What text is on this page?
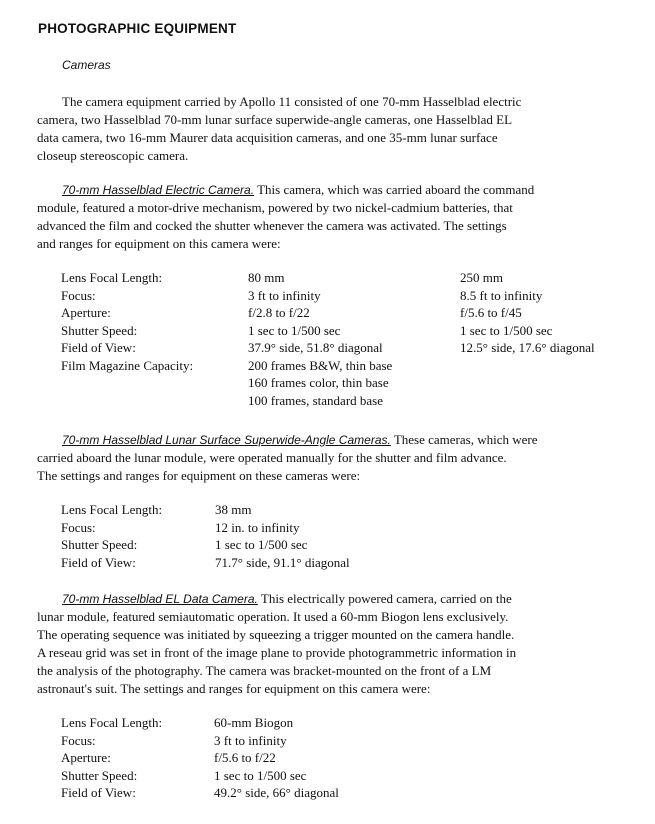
PHOTOGRAPHIC EQUIPMENT
Cameras
The camera equipment carried by Apollo 11 consisted of one 70-mm Hasselblad electric
camera, two Hasselblad 70-mm lunar surface superwide-angle cameras, one Hasselblad EL
data camera, two 16-mm Maurer data acquisition cameras, and one 35-mm lunar surface
closeup stereoscopic camera.
70-mm Hasselblad Electric Camera. This camera, which was carried aboard the command
module, featured a motor-drive mechanism, powered by two nickel-cadmium batteries, that
advanced the film and cocked the shutter whenever the camera was activated. The settings
and ranges for equipment on this camera were:
Lens Focal Length:	80 mm	250 mm
Focus:	3 ft to infinity	8.5 ft to infinity
Aperture:	f/2.8 to f/22	f/5.6 to f/45
Shutter Speed:	1 sec to 1/500 sec	1 sec to 1/500 sec
Field of View:	37.9° side, 51.8° diagonal	12.5° side, 17.6° diagonal
Film Magazine Capacity:	200 frames B&W, thin base
160 frames color, thin base
100 frames, standard base
70-mm Hasselblad Lunar Surface Superwide-Angle Cameras. These cameras, which were
carried aboard the lunar module, were operated manually for the shutter and film advance.
The settings and ranges for equipment on these cameras were:
Lens Focal Length:	38 mm
Focus:	12 in. to infinity
Shutter Speed:	1 sec to 1/500 sec
Field of View:	71.7° side, 91.1° diagonal
70-mm Hasselblad EL Data Camera. This electrically powered camera, carried on the
lunar module, featured semiautomatic operation. It used a 60-mm Biogon lens exclusively.
The operating sequence was initiated by squeezing a trigger mounted on the camera handle.
A reseau grid was set in front of the image plane to provide photogrammetric information in
the analysis of the photography. The camera was bracket-mounted on the front of a LM
astronaut's suit. The settings and ranges for equipment on this camera were:
Lens Focal Length:	60-mm Biogon
Focus:	3 ft to infinity
Aperture:	f/5.6 to f/22
Shutter Speed:	1 sec to 1/500 sec
Field of View:	49.2° side, 66° diagonal
